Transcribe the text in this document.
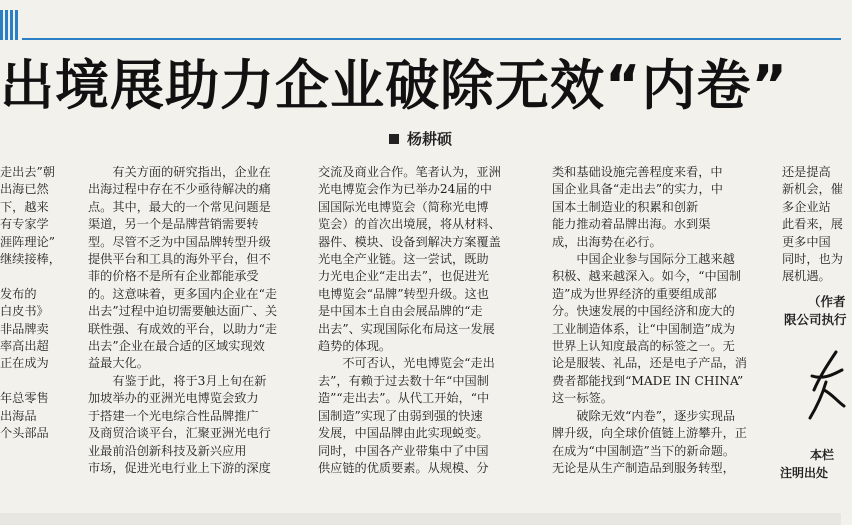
出境展助力企业破除无效“内卷”
杨耕硕

走出去”朝

出海已然

下，越来

有专家学

涯阵理论”

继续接棒，

发布的

白皮书》

非品牌卖

率高出超

正在成为

年总零售

出海品

个头部品

　　有关方面的研究指出，企业在

出海过程中存在不少亟待解决的痛

点。其中，最大的一个常见问题是

渠道，另一个是品牌营销需要转

型。尽管不乏为中国品牌转型升级

提供平台和工具的海外平台，但不

菲的价格不是所有企业都能承受

的。这意味着，更多国内企业在“走

出去”过程中迫切需要触达面广、关

联性强、有成效的平台，以助力“走

出去”企业在最合适的区域实现效

益最大化。

　　有鉴于此，将于3月上旬在新

加坡举办的亚洲光电博览会致力

于搭建一个光电综合性品牌推广

及商贸洽谈平台，汇聚亚洲光电行

业最前沿创新科技及新兴应用

市场，促进光电行业上下游的深度

交流及商业合作。笔者认为，亚洲

光电博览会作为已举办24届的中

国国际光电博览会（简称光电博

览会）的首次出境展，将从材料、

器件、模块、设备到解决方案覆盖

光电全产业链。这一尝试，既助

力光电企业“走出去”，也促进光

电博览会“品牌”转型升级。这也

是中国本土自由会展品牌的“走

出去”、实现国际化布局这一发展

趋势的体现。

　　不可否认，光电博览会“走出

去”，有赖于过去数十年“中国制

造”“走出去”。从代工开始，“中

国制造”实现了由弱到强的快速

发展，中国品牌由此实现蜕变。

同时，中国各产业带集中了中国

供应链的优质要素。从规模、分

类和基础设施完善程度来看，中

国企业具备“走出去”的实力，中

国本土制造业的积累和创新

能力推动着品牌出海。水到渠

成，出海势在必行。

　　中国企业参与国际分工越来越

积极、越来越深入。如今，“中国制

造”成为世界经济的重要组成部

分。快速发展的中国经济和庞大的

工业制造体系，让“中国制造”成为

世界上认知度最高的标签之一。无

论是服装、礼品，还是电子产品，消

费者都能找到“MADE IN CHINA”

这一标签。

　　破除无效“内卷”，逐步实现品

牌升级，向全球价值链上游攀升，正

在成为“中国制造”当下的新命题。

无论是从生产制造品到服务转型，

还是提高

新机会，催

多企业站

此看来，展

更多中国

同时，也为

展机遇。

（作者
限公司执行
本栏
注明出处
